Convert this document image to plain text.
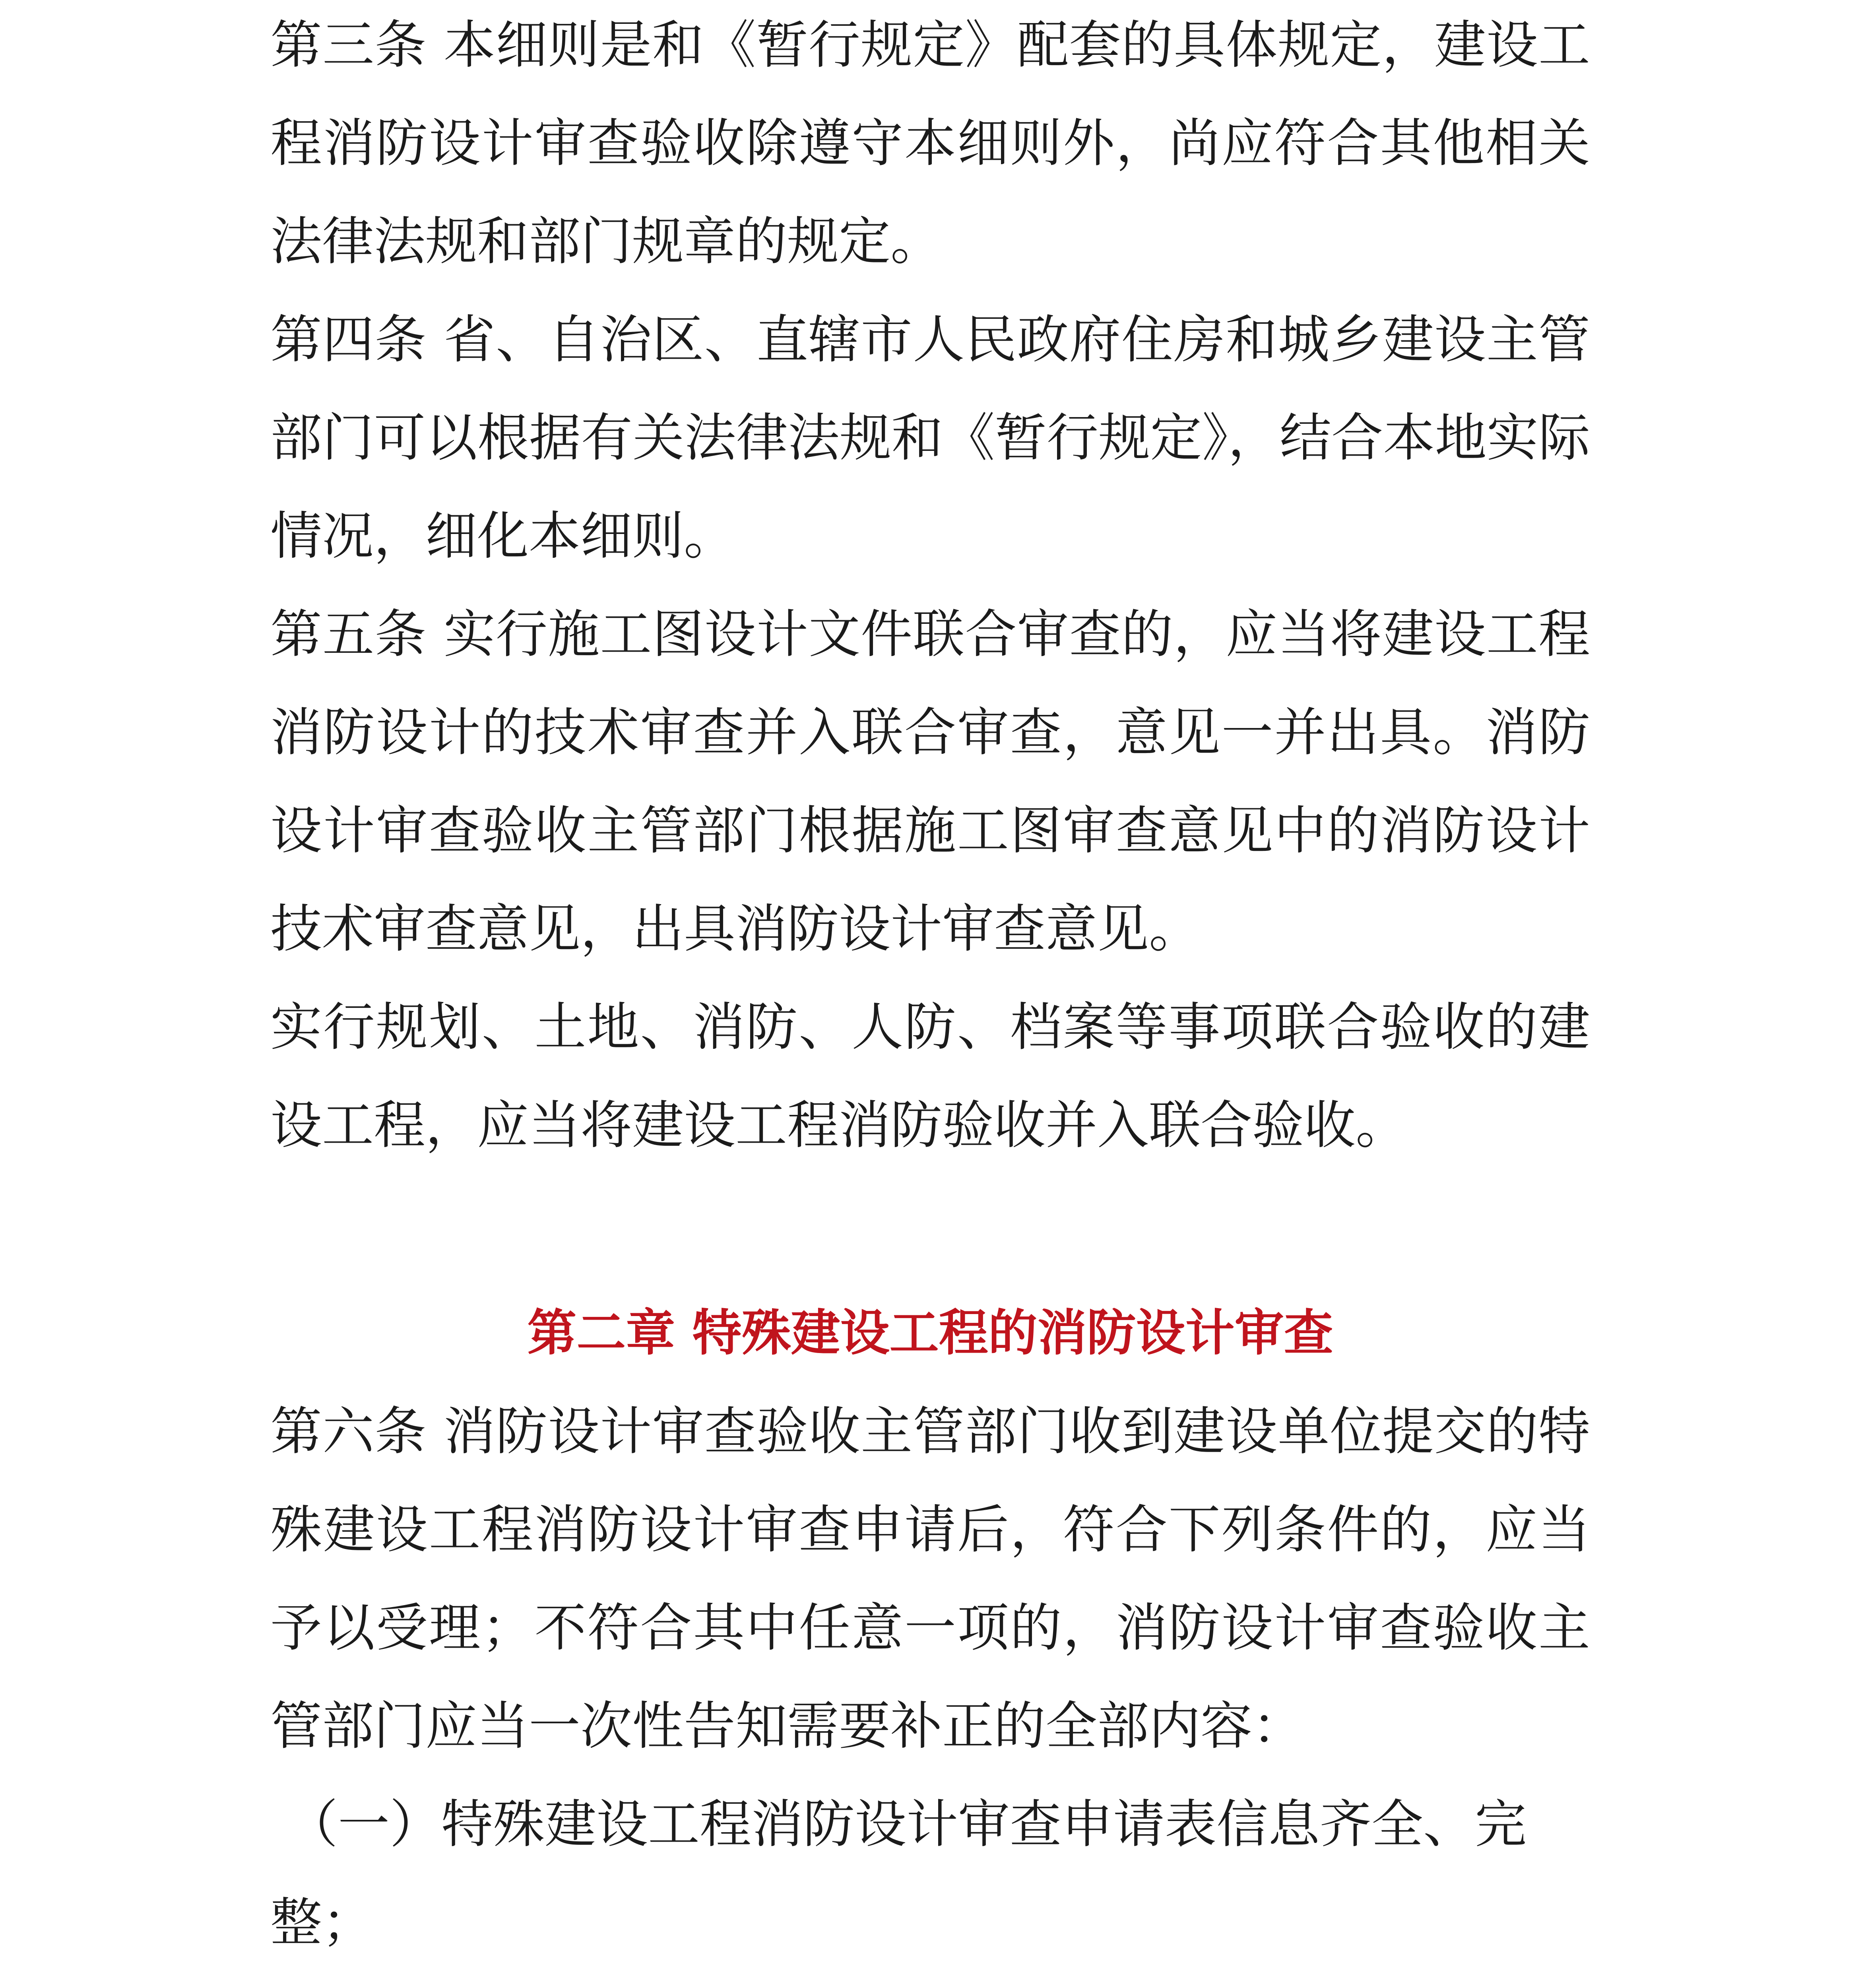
第三条 本细则是和《暂行规定》配套的具体规定，建设工程消防设计审查验收除遵守本细则外，尚应符合其他相关法律法规和部门规章的规定。

第四条 省、自治区、直辖市人民政府住房和城乡建设主管部门可以根据有关法律法规和《暂行规定》，结合本地实际情况，细化本细则。

第五条 实行施工图设计文件联合审查的，应当将建设工程消防设计的技术审查并入联合审查，意见一并出具。消防设计审查验收主管部门根据施工图审查意见中的消防设计技术审查意见，出具消防设计审查意见。

实行规划、土地、消防、人防、档案等事项联合验收的建设工程，应当将建设工程消防验收并入联合验收。

第二章 特殊建设工程的消防设计审查

第六条 消防设计审查验收主管部门收到建设单位提交的特殊建设工程消防设计审查申请后，符合下列条件的，应当予以受理；不符合其中任意一项的，消防设计审查验收主管部门应当一次性告知需要补正的全部内容：

（一）特殊建设工程消防设计审查申请表信息齐全、完整；
